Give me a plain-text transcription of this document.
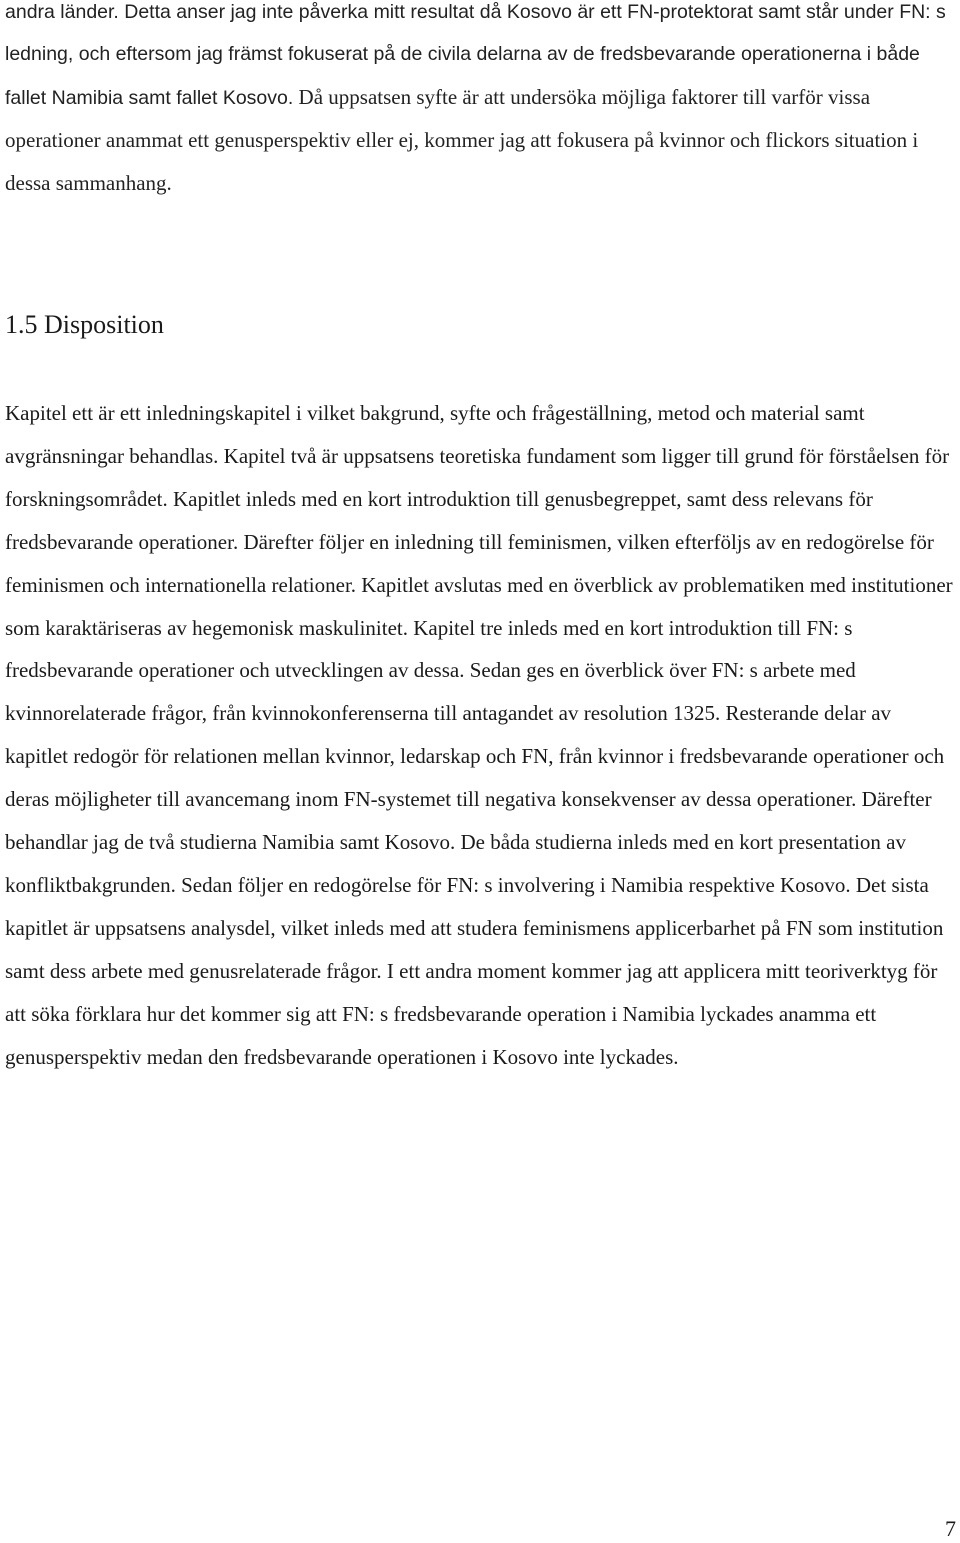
andra länder. Detta anser jag inte påverka mitt resultat då Kosovo är ett FN-protektorat samt står under FN: s ledning, och eftersom jag främst fokuserat på de civila delarna av de fredsbevarande operationerna i både fallet Namibia samt fallet Kosovo. Då uppsatsen syfte är att undersöka möjliga faktorer till varför vissa operationer anammat ett genusperspektiv eller ej, kommer jag att fokusera på kvinnor och flickors situation i dessa sammanhang.

1.5 Disposition

Kapitel ett är ett inledningskapitel i vilket bakgrund, syfte och frågeställning, metod och material samt avgränsningar behandlas. Kapitel två är uppsatsens teoretiska fundament som ligger till grund för förståelsen för forskningsområdet. Kapitlet inleds med en kort introduktion till genusbegreppet, samt dess relevans för fredsbevarande operationer. Därefter följer en inledning till feminismen, vilken efterföljs av en redogörelse för feminismen och internationella relationer. Kapitlet avslutas med en överblick av problematiken med institutioner som karaktäriseras av hegemonisk maskulinitet. Kapitel tre inleds med en kort introduktion till FN: s fredsbevarande operationer och utvecklingen av dessa. Sedan ges en överblick över FN: s arbete med kvinnorelaterade frågor, från kvinnokonferenserna till antagandet av resolution 1325. Resterande delar av kapitlet redogör för relationen mellan kvinnor, ledarskap och FN, från kvinnor i fredsbevarande operationer och deras möjligheter till avancemang inom FN-systemet till negativa konsekvenser av dessa operationer. Därefter behandlar jag de två studierna Namibia samt Kosovo. De båda studierna inleds med en kort presentation av konfliktbakgrunden. Sedan följer en redogörelse för FN: s involvering i Namibia respektive Kosovo. Det sista kapitlet är uppsatsens analysdel, vilket inleds med att studera feminismens applicerbarhet på FN som institution samt dess arbete med genusrelaterade frågor. I ett andra moment kommer jag att applicera mitt teoriverktyg för att söka förklara hur det kommer sig att FN: s fredsbevarande operation i Namibia lyckades anamma ett genusperspektiv medan den fredsbevarande operationen i Kosovo inte lyckades.

7
